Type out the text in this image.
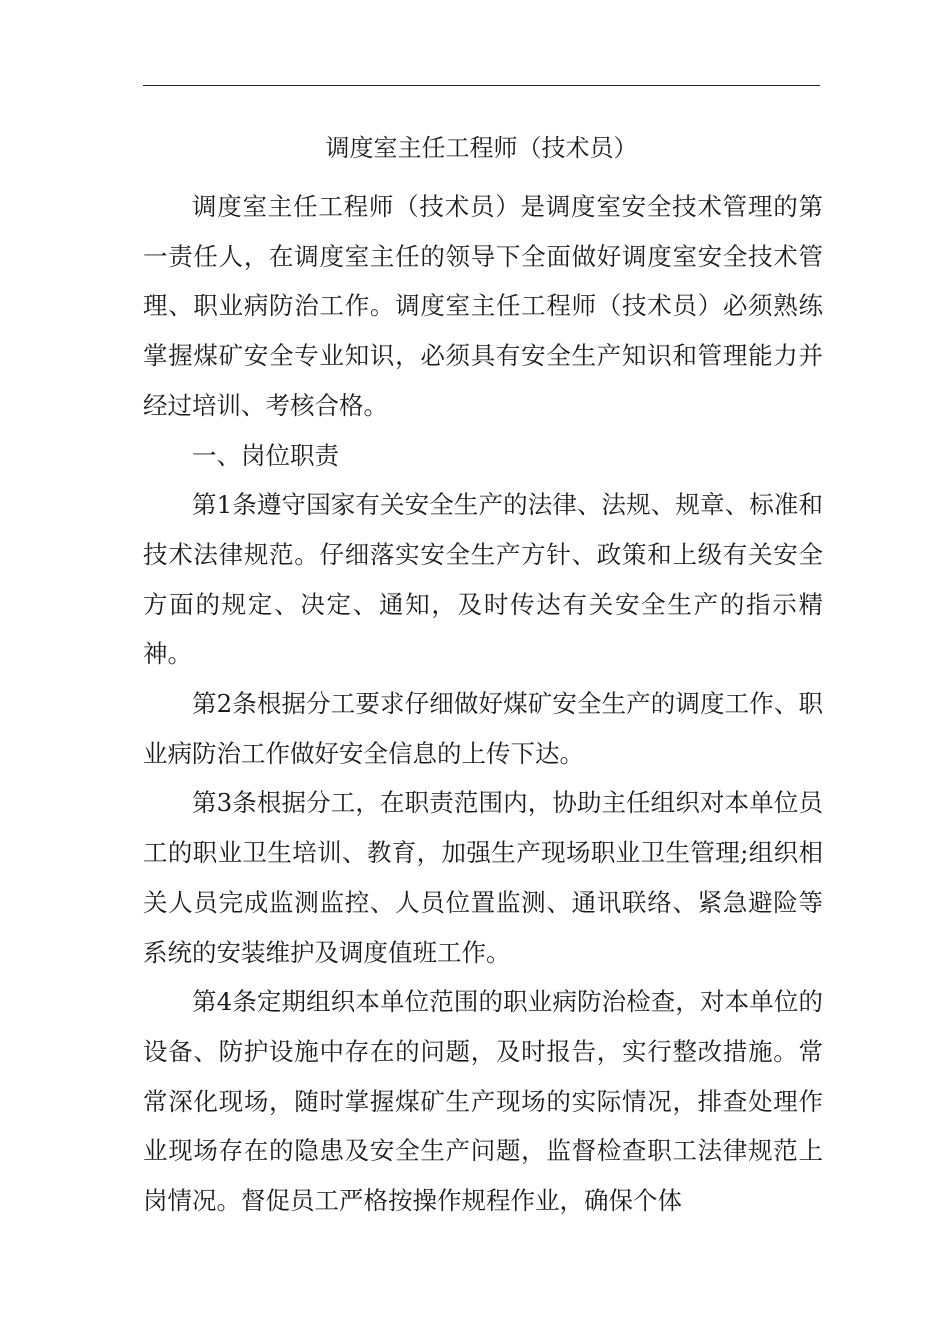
调度室主任工程师（技术员）

调度室主任工程师（技术员）是调度室安全技术管理的第一责任人，在调度室主任的领导下全面做好调度室安全技术管理、职业病防治工作。调度室主任工程师（技术员）必须熟练掌握煤矿安全专业知识，必须具有安全生产知识和管理能力并经过培训、考核合格。

一、岗位职责

第1条遵守国家有关安全生产的法律、法规、规章、标准和技术法律规范。仔细落实安全生产方针、政策和上级有关安全方面的规定、决定、通知，及时传达有关安全生产的指示精神。

第2条根据分工要求仔细做好煤矿安全生产的调度工作、职业病防治工作做好安全信息的上传下达。

第3条根据分工，在职责范围内，协助主任组织对本单位员工的职业卫生培训、教育，加强生产现场职业卫生管理;组织相关人员完成监测监控、人员位置监测、通讯联络、紧急避险等系统的安装维护及调度值班工作。

第4条定期组织本单位范围的职业病防治检查，对本单位的设备、防护设施中存在的问题，及时报告，实行整改措施。常常深化现场，随时掌握煤矿生产现场的实际情况，排查处理作业现场存在的隐患及安全生产问题，监督检查职工法律规范上岗情况。督促员工严格按操作规程作业，确保个体
